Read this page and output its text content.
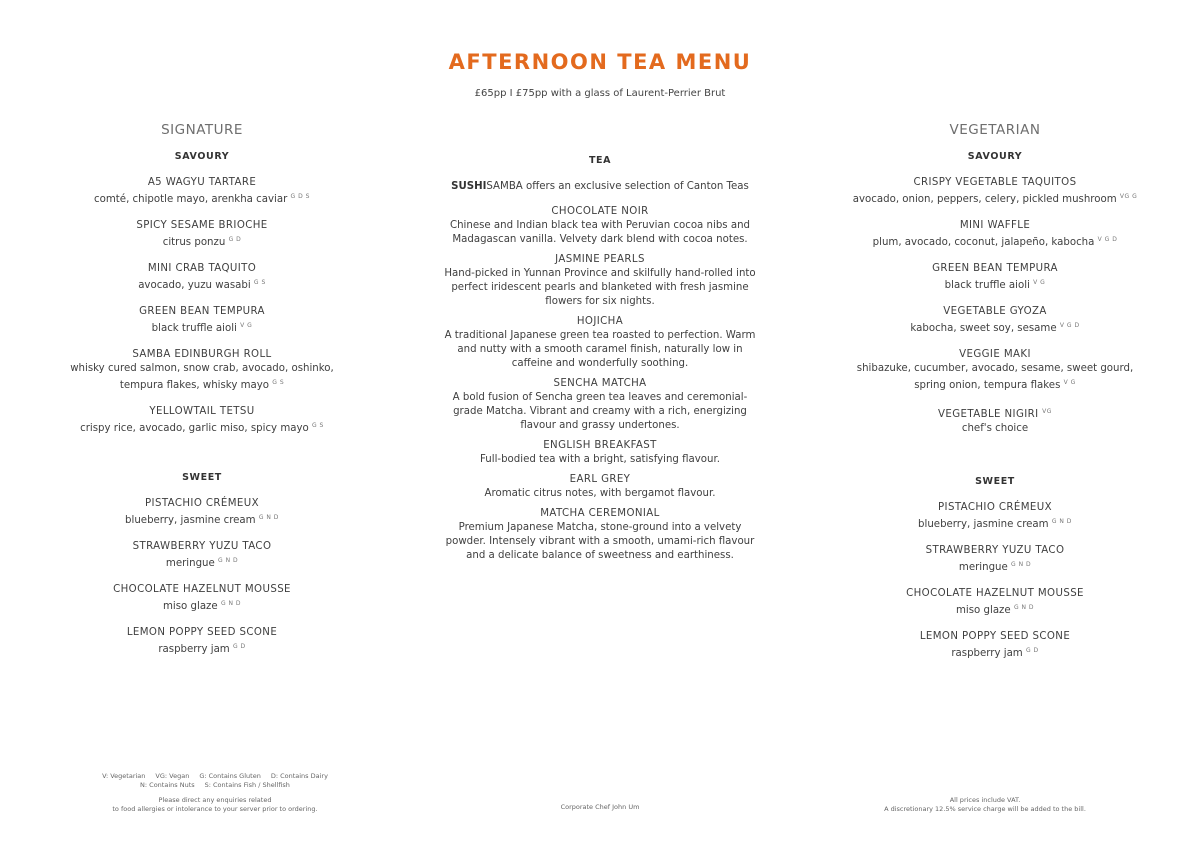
AFTERNOON TEA MENU
£65pp I £75pp with a glass of Laurent-Perrier Brut
SIGNATURE
SAVOURY
A5 WAGYU TARTARE
comté, chipotle mayo, arenkha caviar $^{G D S}$
SPICY SESAME BRIOCHE
citrus ponzu $^{G D}$
MINI CRAB TAQUITO
avocado, yuzu wasabi $^{G S}$
GREEN BEAN TEMPURA
black truffle aioli $^{V G}$
SAMBA EDINBURGH ROLL
whisky cured salmon, snow crab, avocado, oshinko, tempura flakes, whisky mayo $^{G S}$
YELLOWTAIL TETSU
crispy rice, avocado, garlic miso, spicy mayo $^{G S}$
SWEET
PISTACHIO CRÉMEUX
blueberry, jasmine cream $^{G N D}$
STRAWBERRY YUZU TACO
meringue $^{G N D}$
CHOCOLATE HAZELNUT MOUSSE
miso glaze $^{G N D}$
LEMON POPPY SEED SCONE
raspberry jam $^{G D}$
TEA
SUSHISAMBA offers an exclusive selection of Canton Teas
CHOCOLATE NOIR
Chinese and Indian black tea with Peruvian cocoa nibs and Madagascan vanilla. Velvety dark blend with cocoa notes.
JASMINE PEARLS
Hand-picked in Yunnan Province and skilfully hand-rolled into perfect iridescent pearls and blanketed with fresh jasmine flowers for six nights.
HOJICHA
A traditional Japanese green tea roasted to perfection. Warm and nutty with a smooth caramel finish, naturally low in caffeine and wonderfully soothing.
SENCHA MATCHA
A bold fusion of Sencha green tea leaves and ceremonial-grade Matcha. Vibrant and creamy with a rich, energizing flavour and grassy undertones.
ENGLISH BREAKFAST
Full-bodied tea with a bright, satisfying flavour.
EARL GREY
Aromatic citrus notes, with bergamot flavour.
MATCHA CEREMONIAL
Premium Japanese Matcha, stone-ground into a velvety powder. Intensely vibrant with a smooth, umami-rich flavour and a delicate balance of sweetness and earthiness.
VEGETARIAN
SAVOURY
CRISPY VEGETABLE TAQUITOS
avocado, onion, peppers, celery, pickled mushroom $^{VG G}$
MINI WAFFLE
plum, avocado, coconut, jalapeño, kabocha $^{V G D}$
GREEN BEAN TEMPURA
black truffle aioli $^{V G}$
VEGETABLE GYOZA
kabocha, sweet soy, sesame $^{V G D}$
VEGGIE MAKI
shibazuke, cucumber, avocado, sesame, sweet gourd, spring onion, tempura flakes $^{V G}$
VEGETABLE NIGIRI $^{VG}$
chef's choice
SWEET
PISTACHIO CRÉMEUX
blueberry, jasmine cream $^{G N D}$
STRAWBERRY YUZU TACO
meringue $^{G N D}$
CHOCOLATE HAZELNUT MOUSSE
miso glaze $^{G N D}$
LEMON POPPY SEED SCONE
raspberry jam $^{G D}$
V: Vegetarian VG: Vegan G: Contains Gluten D: Contains Dairy
N: Contains Nuts S: Contains Fish / Shellfish
Please direct any enquiries related
to food allergies or intolerance to your server prior to ordering.	Corporate Chef John Um
All prices include VAT.
A discretionary 12.5% service charge will be added to the bill.
